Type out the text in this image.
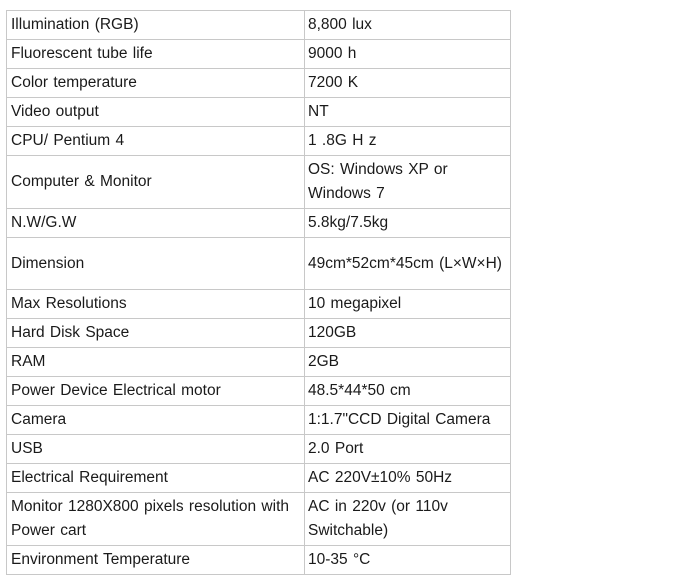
Illumination (RGB)	8,800 lux
Fluorescent tube life	9000 h
Color temperature	7200 K
Video output	NT
CPU/ Pentium 4	1 .8G H z
Computer & Monitor	OS: Windows XP or Windows 7
N.W/G.W	5.8kg/7.5kg
Dimension	49cm*52cm*45cm (L×W×H)
Max Resolutions	10 megapixel
Hard Disk Space	120GB
RAM	2GB
Power Device Electrical motor	48.5*44*50 cm
Camera	1:1.7"CCD Digital Camera
USB	2.0 Port
Electrical Requirement	AC 220V±10% 50Hz
Monitor 1280X800 pixels resolution with Power cart	AC in 220v (or 110v Switchable)
Environment Temperature	10-35 °C
